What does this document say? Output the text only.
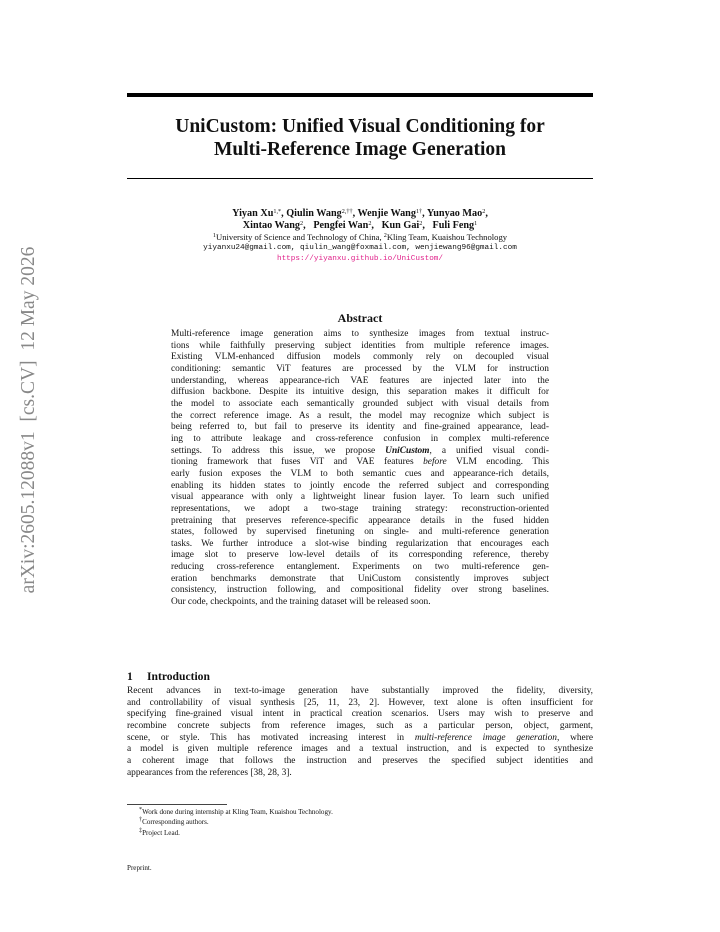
arXiv:2605.12088v1  [cs.CV]  12 May 2026
UniCustom: Unified Visual Conditioning for
Multi-Reference Image Generation
Yiyan $Xu^{1,*}$, Qiulin Wang$^{2,\dagger\dagger}$, Wenjie Wang$^{1\dagger}$, Yunyao Mao$^2$,
Xintao Wang$^2$,   Pengfei Wan$^2$,   Kun Gai$^2$,   Fuli Feng$^1$
$^1$University of Science and Technology of China, $^2$Kling Team, Kuaishou Technology
yiyanxu24@gmail.com, qiulin_wang@foxmail.com, wenjiewang96@gmail.com
https://yiyanxu.github.io/UniCustom/
Abstract
Multi-reference image generation aims to synthesize images from textual instruc-
tions while faithfully preserving subject identities from multiple reference images.
Existing VLM-enhanced diffusion models commonly rely on decoupled visual
conditioning: semantic ViT features are processed by the VLM for instruction
understanding, whereas appearance-rich VAE features are injected later into the
diffusion backbone. Despite its intuitive design, this separation makes it difficult for
the model to associate each semantically grounded subject with visual details from
the correct reference image. As a result, the model may recognize which subject is
being referred to, but fail to preserve its identity and fine-grained appearance, lead-
ing to attribute leakage and cross-reference confusion in complex multi-reference
settings. To address this issue, we propose UniCustom, a unified visual condi-
tioning framework that fuses ViT and VAE features before VLM encoding. This
early fusion exposes the VLM to both semantic cues and appearance-rich details,
enabling its hidden states to jointly encode the referred subject and corresponding
visual appearance with only a lightweight linear fusion layer. To learn such unified
representations, we adopt a two-stage training strategy: reconstruction-oriented
pretraining that preserves reference-specific appearance details in the fused hidden
states, followed by supervised finetuning on single- and multi-reference generation
tasks. We further introduce a slot-wise binding regularization that encourages each
image slot to preserve low-level details of its corresponding reference, thereby
reducing cross-reference entanglement. Experiments on two multi-reference gen-
eration benchmarks demonstrate that UniCustom consistently improves subject
consistency, instruction following, and compositional fidelity over strong baselines.
Our code, checkpoints, and the training dataset will be released soon.
1 Introduction
Recent advances in text-to-image generation have substantially improved the fidelity, diversity,
and controllability of visual synthesis [25, 11, 23, 2]. However, text alone is often insufficient for
specifying fine-grained visual intent in practical creation scenarios. Users may wish to preserve and
recombine concrete subjects from reference images, such as a particular person, object, garment,
scene, or style. This has motivated increasing interest in multi-reference image generation, where
a model is given multiple reference images and a textual instruction, and is expected to synthesize
a coherent image that follows the instruction and preserves the specified subject identities and
appearances from the references [38, 28, 3].
*Work done during internship at Kling Team, Kuaishou Technology.
†Corresponding authors.
‡Project Lead.
Preprint.
